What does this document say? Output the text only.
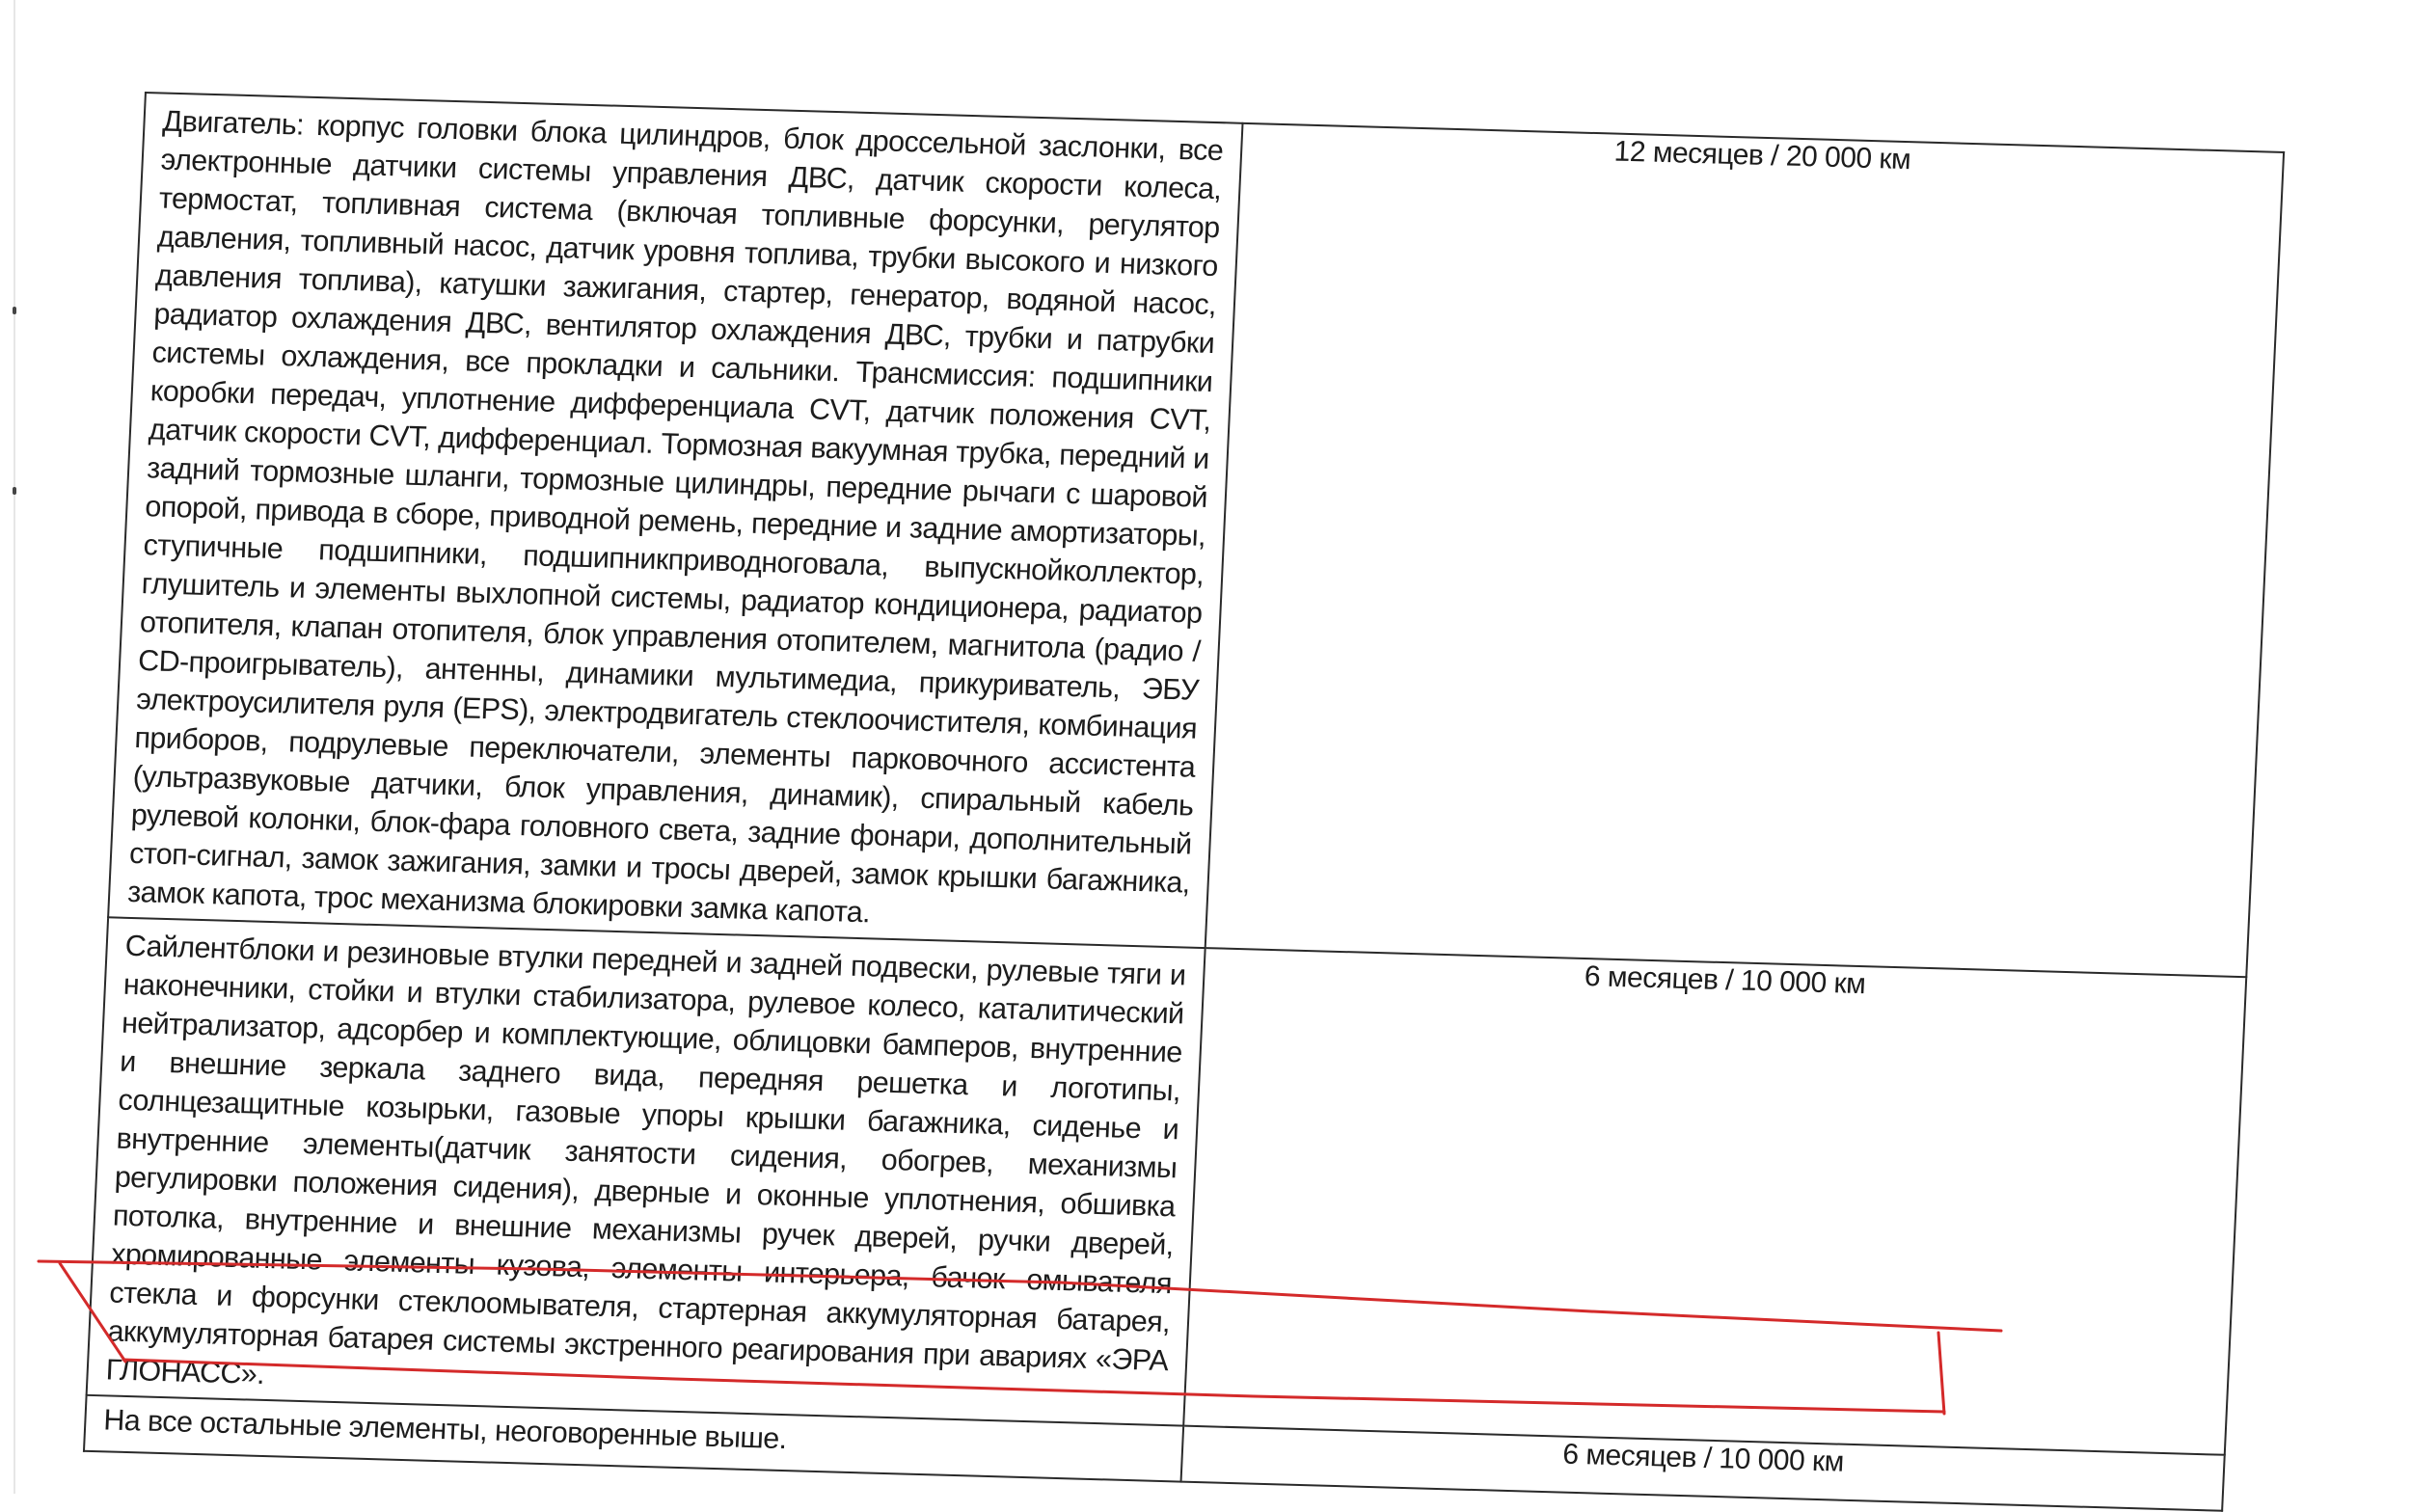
Двигатель: корпус головки блока цилиндров, блок дроссельной заслонки, все электронные датчики системы управления ДВС, датчик скорости колеса, термостат, топливная система (включая топливные форсунки, регулятор давления, топливный насос, датчик уровня топлива, трубки высокого и низкого давления топлива), катушки зажигания, стартер, генератор, водяной насос, радиатор охлаждения ДВС, вентилятор охлаждения ДВС, трубки и патрубки системы охлаждения, все прокладки и сальники. Трансмиссия: подшипники коробки передач, уплотнение дифференциала CVT, датчик положения CVT, датчик скорости CVT, дифференциал. Тормозная вакуумная трубка, передний и задний тормозные шланги, тормозные цилиндры, передние рычаги с шаровой опорой, привода в сборе, приводной ремень, передние и задние амортизаторы, ступичные подшипники, подшипникприводноговала, выпускнойколлектор, глушитель и элементы выхлопной системы, радиатор кондиционера, радиатор отопителя, клапан отопителя, блок управления отопителем, магнитола (радио / CD-проигрыватель), антенны, динамики мультимедиа, прикуриватель, ЭБУ электроусилителя руля (EPS), электродвигатель стеклоочистителя, комбинация приборов, подрулевые переключатели, элементы парковочного ассистента (ультразвуковые датчики, блок управления, динамик), спиральный кабель рулевой колонки, блок-фара головного света, задние фонари, дополнительный стоп-сигнал, замок зажигания, замки и тросы дверей, замок крышки багажника, замок капота, трос механизма блокировки замка капота.	12 месяцев / 20 000 км
Сайлентблоки и резиновые втулки передней и задней подвески, рулевые тяги и наконечники, стойки и втулки стабилизатора, рулевое колесо, каталитический нейтрализатор, адсорбер и комплектующие, облицовки бамперов, внутренние и внешние зеркала заднего вида, передняя решетка и логотипы, солнцезащитные козырьки, газовые упоры крышки багажника, сиденье и внутренние элементы(датчик занятости сидения, обогрев, механизмы регулировки положения сидения), дверные и оконные уплотнения, обшивка потолка, внутренние и внешние механизмы ручек дверей, ручки дверей, хромированные элементы кузова, элементы интерьера, бачок омывателя стекла и форсунки стеклоомывателя, стартерная аккумуляторная батарея, аккумуляторная батарея системы экстренного реагирования при авариях «ЭРА ГЛОНАСС».	6 месяцев / 10 000 км
На все остальные элементы, неоговоренные выше.	6 месяцев / 10 000 км
